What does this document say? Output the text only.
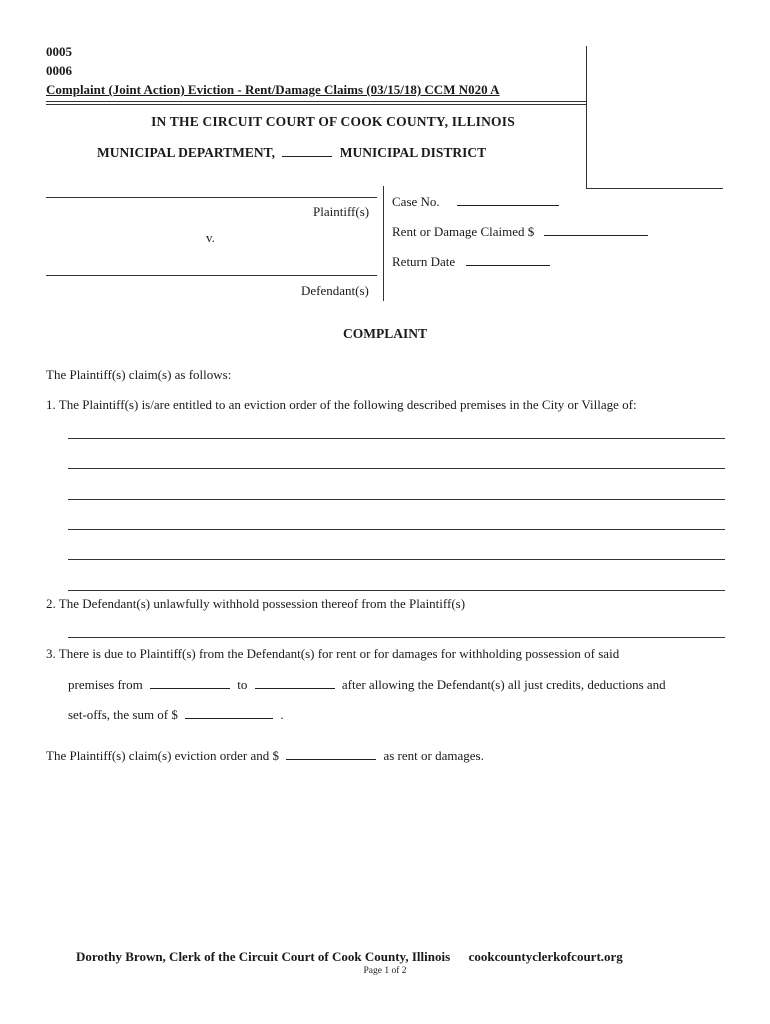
0005
0006
Complaint (Joint Action) Eviction - Rent/Damage Claims (03/15/18) CCM N020 A
IN THE CIRCUIT COURT OF COOK COUNTY, ILLINOIS
MUNICIPAL DEPARTMENT,	MUNICIPAL DISTRICT
Plaintiff(s)
v.
Defendant(s)
Case No.
Rent or Damage Claimed $
Return Date
COMPLAINT
The Plaintiff(s) claim(s) as follows:
1. The Plaintiff(s) is/are entitled to an eviction order of the following described premises in the City or Village of:
2. The Defendant(s) unlawfully withhold possession thereof from the Plaintiff(s)
3. There is due to Plaintiff(s) from the Defendant(s) for rent or for damages for withholding possession of said
premises from	to	after allowing the Defendant(s) all just credits, deductions and
set-offs, the sum of $	.
The Plaintiff(s) claim(s) eviction order and $	as rent or damages.
Dorothy Brown, Clerk of the Circuit Court of Cook County, Illinois cookcountyclerkofcourt.org
Page 1 of 2
